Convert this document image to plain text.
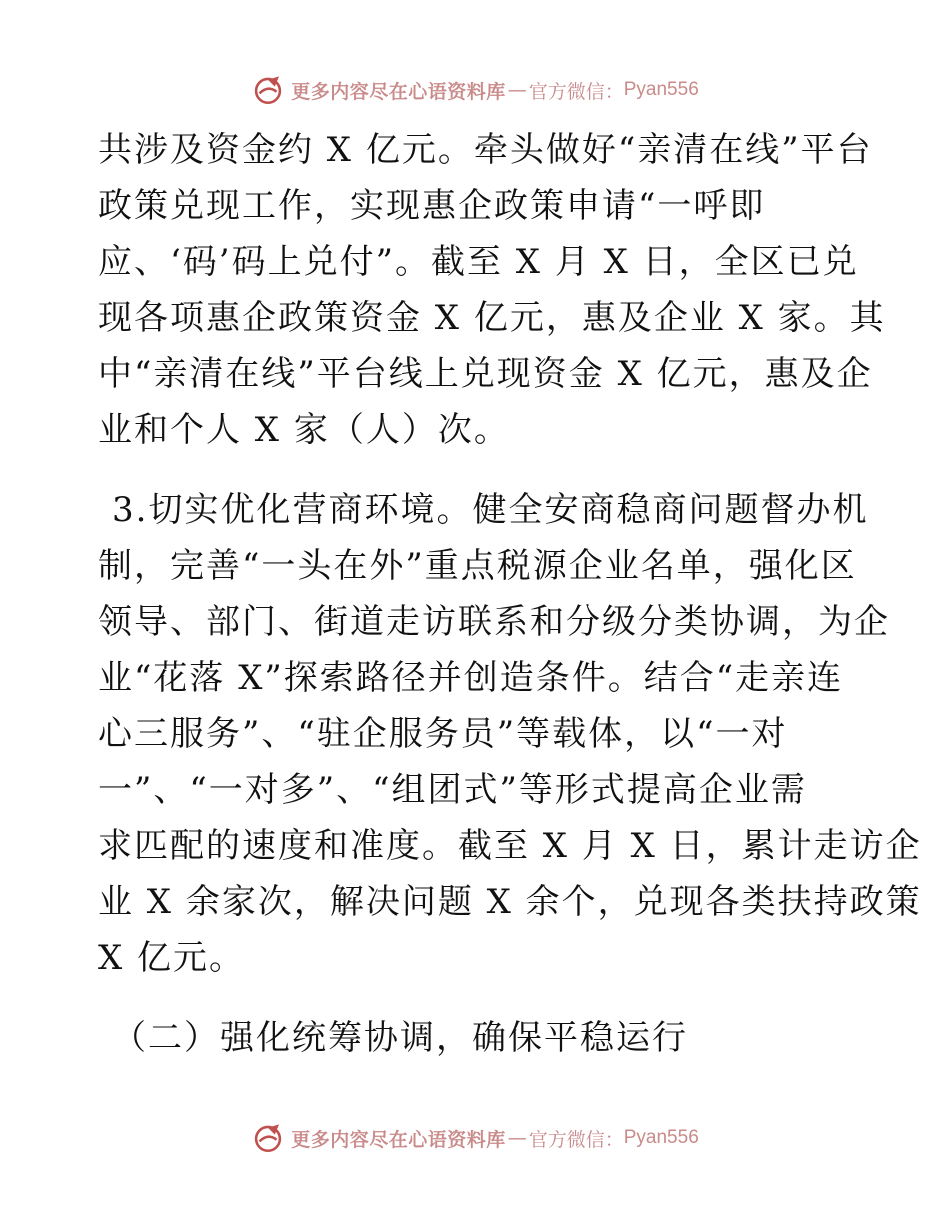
更多内容尽在心语资料库 — 官方微信： Pyan556
共涉及资金约 X 亿元。牵头做好“亲清在线”平台
政策兑现工作，实现惠企政策申请“一呼即
应、‘码’码上兑付”。截至 X 月 X 日，全区已兑
现各项惠企政策资金 X 亿元，惠及企业 X 家。其
中“亲清在线”平台线上兑现资金 X 亿元，惠及企
业和个人 X 家（人）次。
3.切实优化营商环境。健全安商稳商问题督办机
制，完善“一头在外”重点税源企业名单，强化区
领导、部门、街道走访联系和分级分类协调，为企
业“花落 X”探索路径并创造条件。结合“走亲连
心三服务”、“驻企服务员”等载体，以“一对
一”、“一对多”、“组团式”等形式提高企业需
求匹配的速度和准度。截至 X 月 X 日，累计走访企
业 X 余家次，解决问题 X 余个，兑现各类扶持政策
X 亿元。
（二）强化统筹协调，确保平稳运行
更多内容尽在心语资料库 — 官方微信： Pyan556
